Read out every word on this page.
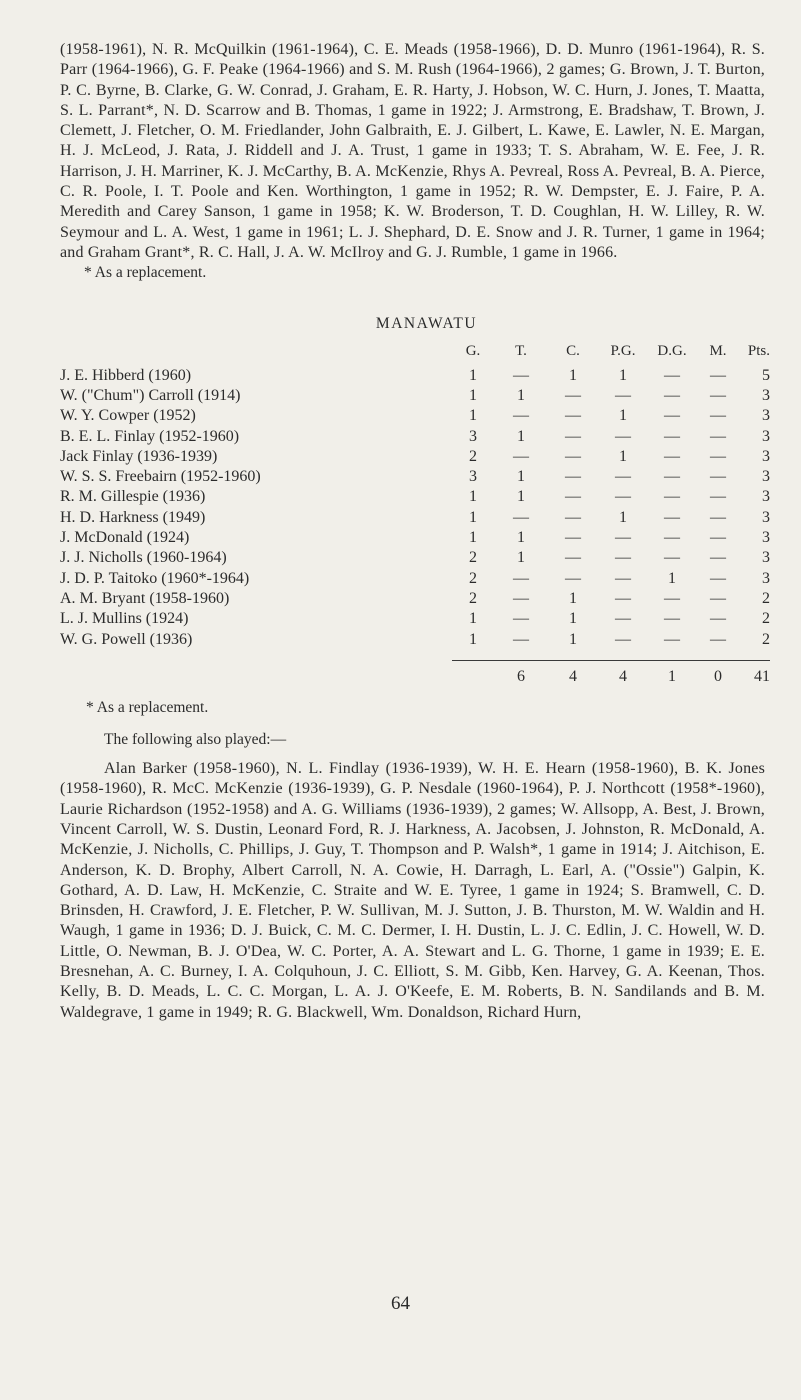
(1958-1961), N. R. McQuilkin (1961-1964), C. E. Meads (1958-1966), D. D. Munro (1961-1964), R. S. Parr (1964-1966), G. F. Peake (1964-1966) and S. M. Rush (1964-1966), 2 games; G. Brown, J. T. Burton, P. C. Byrne, B. Clarke, G. W. Conrad, J. Graham, E. R. Harty, J. Hobson, W. C. Hurn, J. Jones, T. Maatta, S. L. Parrant*, N. D. Scarrow and B. Thomas, 1 game in 1922; J. Armstrong, E. Bradshaw, T. Brown, J. Clemett, J. Fletcher, O. M. Friedlander, John Galbraith, E. J. Gilbert, L. Kawe, E. Lawler, N. E. Margan, H. J. McLeod, J. Rata, J. Riddell and J. A. Trust, 1 game in 1933; T. S. Abraham, W. E. Fee, J. R. Harrison, J. H. Marriner, K. J. McCarthy, B. A. McKenzie, Rhys A. Pevreal, Ross A. Pevreal, B. A. Pierce, C. R. Poole, I. T. Poole and Ken. Worthington, 1 game in 1952; R. W. Dempster, E. J. Faire, P. A. Meredith and Carey Sanson, 1 game in 1958; K. W. Broderson, T. D. Coughlan, H. W. Lilley, R. W. Seymour and L. A. West, 1 game in 1961; L. J. Shephard, D. E. Snow and J. R. Turner, 1 game in 1964; and Graham Grant*, R. C. Hall, J. A. W. McIlroy and G. J. Rumble, 1 game in 1966.

* As a replacement.

MANAWATU
	G.	T.	C.	P.G.	D.G.	M.	Pts.
J. E. Hibberd (1960)	1	—	1	1	—	—	5
W. ("Chum") Carroll (1914)	1	1	—	—	—	—	3
W. Y. Cowper (1952)	1	—	—	1	—	—	3
B. E. L. Finlay (1952-1960)	3	1	—	—	—	—	3
Jack Finlay (1936-1939)	2	—	—	1	—	—	3
W. S. S. Freebairn (1952-1960)	3	1	—	—	—	—	3
R. M. Gillespie (1936)	1	1	—	—	—	—	3
H. D. Harkness (1949)	1	—	—	1	—	—	3
J. McDonald (1924)	1	1	—	—	—	—	3
J. J. Nicholls (1960-1964)	2	1	—	—	—	—	3
J. D. P. Taitoko (1960*-1964)	2	—	—	—	1	—	3
A. M. Bryant (1958-1960)	2	—	1	—	—	—	2
L. J. Mullins (1924)	1	—	1	—	—	—	2
W. G. Powell (1936)	1	—	1	—	—	—	2

		6	4	4	1	0	41

* As a replacement.

The following also played:—

Alan Barker (1958-1960), N. L. Findlay (1936-1939), W. H. E. Hearn (1958-1960), B. K. Jones (1958-1960), R. McC. McKenzie (1936-1939), G. P. Nesdale (1960-1964), P. J. Northcott (1958*-1960), Laurie Richardson (1952-1958) and A. G. Williams (1936-1939), 2 games; W. Allsopp, A. Best, J. Brown, Vincent Carroll, W. S. Dustin, Leonard Ford, R. J. Harkness, A. Jacobsen, J. Johnston, R. McDonald, A. McKenzie, J. Nicholls, C. Phillips, J. Guy, T. Thompson and P. Walsh*, 1 game in 1914; J. Aitchison, E. Anderson, K. D. Brophy, Albert Carroll, N. A. Cowie, H. Darragh, L. Earl, A. ("Ossie") Galpin, K. Gothard, A. D. Law, H. McKenzie, C. Straite and W. E. Tyree, 1 game in 1924; S. Bramwell, C. D. Brinsden, H. Crawford, J. E. Fletcher, P. W. Sullivan, M. J. Sutton, J. B. Thurston, M. W. Waldin and H. Waugh, 1 game in 1936; D. J. Buick, C. M. C. Dermer, I. H. Dustin, L. J. C. Edlin, J. C. Howell, W. D. Little, O. Newman, B. J. O'Dea, W. C. Porter, A. A. Stewart and L. G. Thorne, 1 game in 1939; E. E. Bresnehan, A. C. Burney, I. A. Colquhoun, J. C. Elliott, S. M. Gibb, Ken. Harvey, G. A. Keenan, Thos. Kelly, B. D. Meads, L. C. C. Morgan, L. A. J. O'Keefe, E. M. Roberts, B. N. Sandilands and B. M. Waldegrave, 1 game in 1949; R. G. Blackwell, Wm. Donaldson, Richard Hurn,

64
